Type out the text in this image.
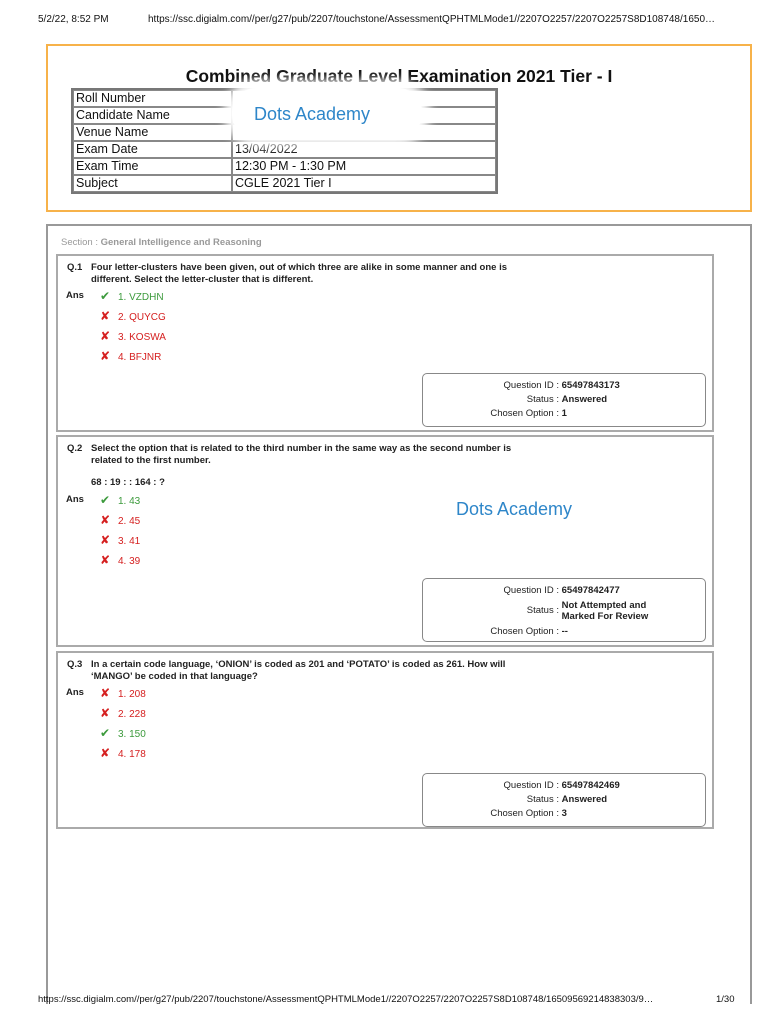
5/2/22, 8:52 PM	https://ssc.digialm.com//per/g27/pub/2207/touchstone/AssessmentQPHTMLMode1//2207O2257/2207O2257S8D108748/1650…
Combined Graduate Level Examination 2021 Tier - I
Roll Number	
Candidate Name	
Venue Name	
Exam Date	13/04/2022
Exam Time	12:30 PM - 1:30 PM
Subject	CGLE 2021 Tier I
Dots Academy
Section : General Intelligence and Reasoning
Q.1 Four letter-clusters have been given, out of which three are alike in some manner and one is different. Select the letter-cluster that is different.
Ans ✔ 1. VZDHN
✘ 2. QUYCG
✘ 3. KOSWA
✘ 4. BFJNR
Question ID : 65497843173
Status : Answered
Chosen Option : 1
Q.2 Select the option that is related to the third number in the same way as the second number is related to the first number.
68 : 19 : : 164 : ?
Ans ✔ 1. 43
✘ 2. 45
✘ 3. 41
✘ 4. 39
Dots Academy
Question ID : 65497842477
Status : Not Attempted and
Marked For Review
Chosen Option : --
Q.3 In a certain code language, ‘ONION’ is coded as 201 and ‘POTATO’ is coded as 261. How will ‘MANGO’ be coded in that language?
Ans ✘ 1. 208
✘ 2. 228
✔ 3. 150
✘ 4. 178
Question ID : 65497842469
Status : Answered
Chosen Option : 3
https://ssc.digialm.com//per/g27/pub/2207/touchstone/AssessmentQPHTMLMode1//2207O2257/2207O2257S8D108748/16509569214838303/9…	1/30
